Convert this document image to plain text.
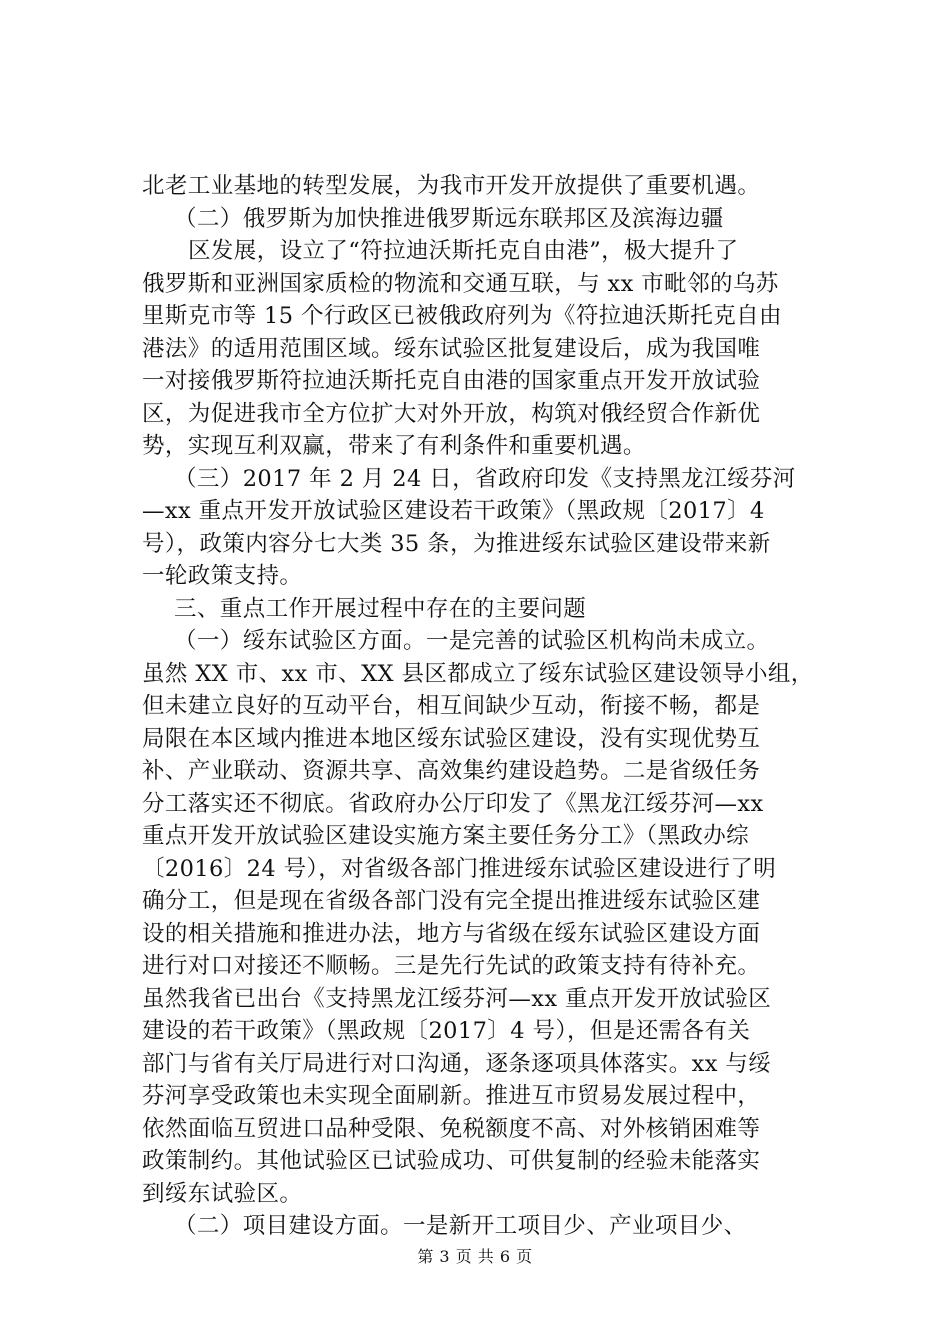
北老工业基地的转型发展，为我市开发开放提供了重要机遇。
（二）俄罗斯为加快推进俄罗斯远东联邦区及滨海边疆
区发展，设立了“符拉迪沃斯托克自由港”，极大提升了
俄罗斯和亚洲国家质检的物流和交通互联，与 xx 市毗邻的乌苏
里斯克市等 15 个行政区已被俄政府列为《符拉迪沃斯托克自由
港法》的适用范围区域。绥东试验区批复建设后，成为我国唯
一对接俄罗斯符拉迪沃斯托克自由港的国家重点开发开放试验
区，为促进我市全方位扩大对外开放，构筑对俄经贸合作新优
势，实现互利双赢，带来了有利条件和重要机遇。
（三）2017 年 2 月 24 日，省政府印发《支持黑龙江绥芬河
—xx 重点开发开放试验区建设若干政策》（黑政规〔2017〕4
号），政策内容分七大类 35 条，为推进绥东试验区建设带来新
一轮政策支持。
三、重点工作开展过程中存在的主要问题
（一）绥东试验区方面。一是完善的试验区机构尚未成立。
虽然 XX 市、xx 市、XX 县区都成立了绥东试验区建设领导小组，
但未建立良好的互动平台，相互间缺少互动，衔接不畅，都是
局限在本区域内推进本地区绥东试验区建设，没有实现优势互
补、产业联动、资源共享、高效集约建设趋势。二是省级任务
分工落实还不彻底。省政府办公厅印发了《黑龙江绥芬河—xx
重点开发开放试验区建设实施方案主要任务分工》（黑政办综
〔2016〕24 号），对省级各部门推进绥东试验区建设进行了明
确分工，但是现在省级各部门没有完全提出推进绥东试验区建
设的相关措施和推进办法，地方与省级在绥东试验区建设方面
进行对口对接还不顺畅。三是先行先试的政策支持有待补充。
虽然我省已出台《支持黑龙江绥芬河—xx 重点开发开放试验区
建设的若干政策》（黑政规〔2017〕4 号），但是还需各有关
部门与省有关厅局进行对口沟通，逐条逐项具体落实。xx 与绥
芬河享受政策也未实现全面刷新。推进互市贸易发展过程中，
依然面临互贸进口品种受限、免税额度不高、对外核销困难等
政策制约。其他试验区已试验成功、可供复制的经验未能落实
到绥东试验区。
（二）项目建设方面。一是新开工项目少、产业项目少、
第 3 页 共 6 页
